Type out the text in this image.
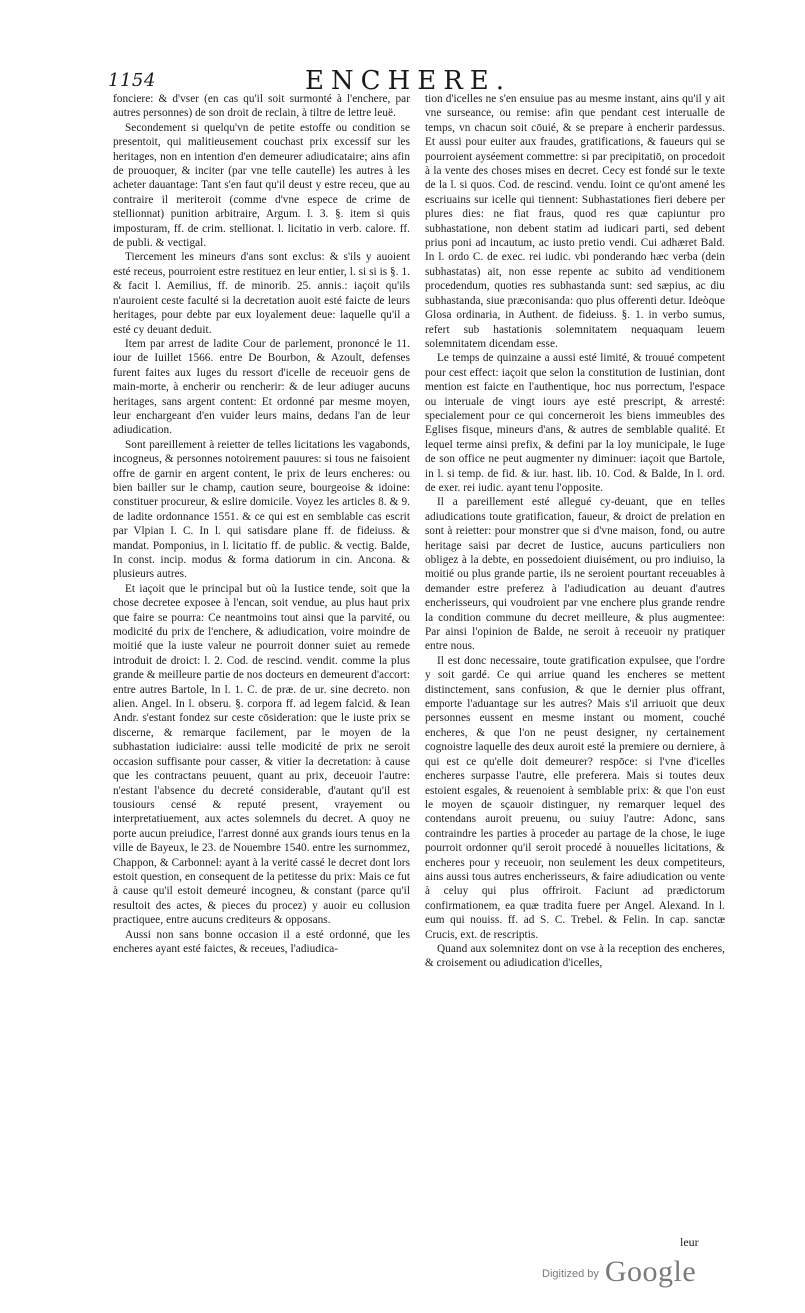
1154	ENCHERE.

fonciere: & d'vser (en cas qu'il soit surmonté à l'enchere, par autres personnes) de son droit de reclain, à tiltre de lettre leuë.

Secondement si quelqu'vn de petite estoffe ou condition se presentoit, qui malitieusement couchast prix excessif sur les heritages, non en intention d'en demeurer adiudicataire; ains afin de prouoquer, & inciter (par vne telle cautelle) les autres à les acheter dauantage: Tant s'en faut qu'il deust y estre receu, que au contraire il meriteroit (comme d'vne espece de crime de stellionnat) punition arbitraire, Argum. l. 3. §. item si quis imposturam, ff. de crim. stellionat. l. licitatio in verb. calore. ff. de publi. & vectigal.

Tiercement les mineurs d'ans sont exclus: & s'ils y auoient esté receus, pourroient estre restituez en leur entier, l. si si is §. 1. & facit l. Aemilius, ff. de minorib. 25. annis.: iaçoit qu'ils n'auroient ceste faculté si la decretation auoit esté faicte de leurs heritages, pour debte par eux loyalement deue: laquelle qu'il a esté cy deuant deduit.

Item par arrest de ladite Cour de parlement, prononcé le 11. iour de Iuillet 1566. entre De Bourbon, & Azoult, defenses furent faites aux Iuges du ressort d'icelle de receuoir gens de main-morte, à encherir ou rencherir: & de leur adiuger aucuns heritages, sans argent content: Et ordonné par mesme moyen, leur enchargeant d'en vuider leurs mains, dedans l'an de leur adiudication.

Sont pareillement à reietter de telles licitations les vagabonds, incogneus, & personnes notoirement pauures: si tous ne faisoient offre de garnir en argent content, le prix de leurs encheres: ou bien bailler sur le champ, caution seure, bourgeoise & idoine: constituer procureur, & eslire domicile. Voyez les articles 8. & 9. de ladite ordonnance 1551. & ce qui est en semblable cas escrit par Vlpian I. C. In l. qui satisdare plane ff. de fideiuss. & mandat. Pomponius, in l. licitatio ff. de public. & vectig. Balde, In const. incip. modus & forma datiorum in cin. Ancona. & plusieurs autres.

Et iaçoit que le principal but où la Iustice tende, soit que la chose decretee exposee à l'encan, soit vendue, au plus haut prix que faire se pourra: Ce neantmoins tout ainsi que la parvité, ou modicité du prix de l'enchere, & adiudication, voire moindre de moitié que la iuste valeur ne pourroit donner suiet au remede introduit de droict: l. 2. Cod. de rescind. vendit. comme la plus grande & meilleure partie de nos docteurs en demeurent d'accort: entre autres Bartole, In l. 1. C. de præ. de ur. sine decreto. non alien. Angel. In l. obseru. §. corpora ff. ad legem falcid. & Iean Andr. s'estant fondez sur ceste cōsideration: que le iuste prix se discerne, & remarque facilement, par le moyen de la subhastation iudiciaire: aussi telle modicité de prix ne seroit occasion suffisante pour casser, & vitier la decretation: à cause que les contractans peuuent, quant au prix, deceuoir l'autre: n'estant l'absence du decreté considerable, d'autant qu'il est tousiours censé & reputé present, vrayement ou interpretatiuement, aux actes solemnels du decret. A quoy ne porte aucun preiudice, l'arrest donné aux grands iours tenus en la ville de Bayeux, le 23. de Nouembre 1540. entre les surnommez, Chappon, & Carbonnel: ayant à la verité cassé le decret dont lors estoit question, en consequent de la petitesse du prix: Mais ce fut à cause qu'il estoit demeuré incogneu, & constant (parce qu'il resultoit des actes, & pieces du procez) y auoir eu collusion practiquee, entre aucuns crediteurs & opposans.

Aussi non sans bonne occasion il a esté ordonné, que les encheres ayant esté faictes, & receues, l'adiudica-

tion d'icelles ne s'en ensuiue pas au mesme instant, ains qu'il y ait vne surseance, ou remise: afin que pendant cest interualle de temps, vn chacun soit cōuié, & se prepare à encherir pardessus. Et aussi pour euiter aux fraudes, gratifications, & faueurs qui se pourroient ayséement commettre: si par precipitatiō, on procedoit à la vente des choses mises en decret. Cecy est fondé sur le texte de la l. si quos. Cod. de rescind. vendu. Ioint ce qu'ont amené les escriuains sur icelle qui tiennent: Subhastationes fieri debere per plures dies: ne fiat fraus, quod res quæ capiuntur pro subhastatione, non debent statim ad iudicari parti, sed debent prius poni ad incautum, ac iusto pretio vendi. Cui adhæret Bald. In l. ordo C. de exec. rei iudic. vbi ponderando hæc verba (dein subhastatas) ait, non esse repente ac subito ad venditionem procedendum, quoties res subhastanda sunt: sed sæpius, ac diu subhastanda, siue præconisanda: quo plus offerenti detur. Ideòque Glosa ordinaria, in Authent. de fideiuss. §. 1. in verbo sumus, refert sub hastationis solemnitatem nequaquam leuem solemnitatem dicendam esse.

Le temps de quinzaine a aussi esté limité, & trouué competent pour cest effect: iaçoit que selon la constitution de Iustinian, dont mention est faicte en l'authentique, hoc nus porrectum, l'espace ou interuale de vingt iours aye esté prescript, & arresté: specialement pour ce qui concerneroit les biens immeubles des Eglises fisque, mineurs d'ans, & autres de semblable qualité. Et lequel terme ainsi prefix, & defini par la loy municipale, le Iuge de son office ne peut augmenter ny diminuer: iaçoit que Bartole, in l. si temp. de fid. & iur. hast. lib. 10. Cod. & Balde, In l. ord. de exer. rei iudic. ayant tenu l'opposite.

Il a pareillement esté allegué cy-deuant, que en telles adiudications toute gratification, faueur, & droict de prelation en sont à reietter: pour monstrer que si d'vne maison, fond, ou autre heritage saisi par decret de Iustice, aucuns particuliers non obligez à la debte, en possedoient diuisément, ou pro indiuiso, la moitié ou plus grande partie, ils ne seroient pourtant receuables à demander estre preferez à l'adiudication au deuant d'autres encherisseurs, qui voudroient par vne enchere plus grande rendre la condition commune du decret meilleure, & plus augmentee: Par ainsi l'opinion de Balde, ne seroit à receuoir ny pratiquer entre nous.

Il est donc necessaire, toute gratification expulsee, que l'ordre y soit gardé. Ce qui arriue quand les encheres se mettent distinctement, sans confusion, & que le dernier plus offrant, emporte l'aduantage sur les autres? Mais s'il arriuoit que deux personnes eussent en mesme instant ou moment, couché encheres, & que l'on ne peust designer, ny certainement cognoistre laquelle des deux auroit esté la premiere ou derniere, à qui est ce qu'elle doit demeurer? respōce: si l'vne d'icelles encheres surpasse l'autre, elle preferera. Mais si toutes deux estoient esgales, & reuenoient à semblable prix: & que l'on eust le moyen de sçauoir distinguer, ny remarquer lequel des contendans auroit preuenu, ou suiuy l'autre: Adonc, sans contraindre les parties à proceder au partage de la chose, le iuge pourroit ordonner qu'il seroit procedé à nouuelles licitations, & encheres pour y receuoir, non seulement les deux competiteurs, ains aussi tous autres encherisseurs, & faire adiudication ou vente à celuy qui plus offriroit. Faciunt ad prædictorum confirmationem, ea quæ tradita fuere per Angel. Alexand. In l. eum qui nouiss. ff. ad S. C. Trebel. & Felin. In cap. sanctæ Crucis, ext. de rescriptis.

Quand aux solemnitez dont on vse à la reception des encheres, & croisement ou adiudication d'icelles,

leur
Digitized by Google
